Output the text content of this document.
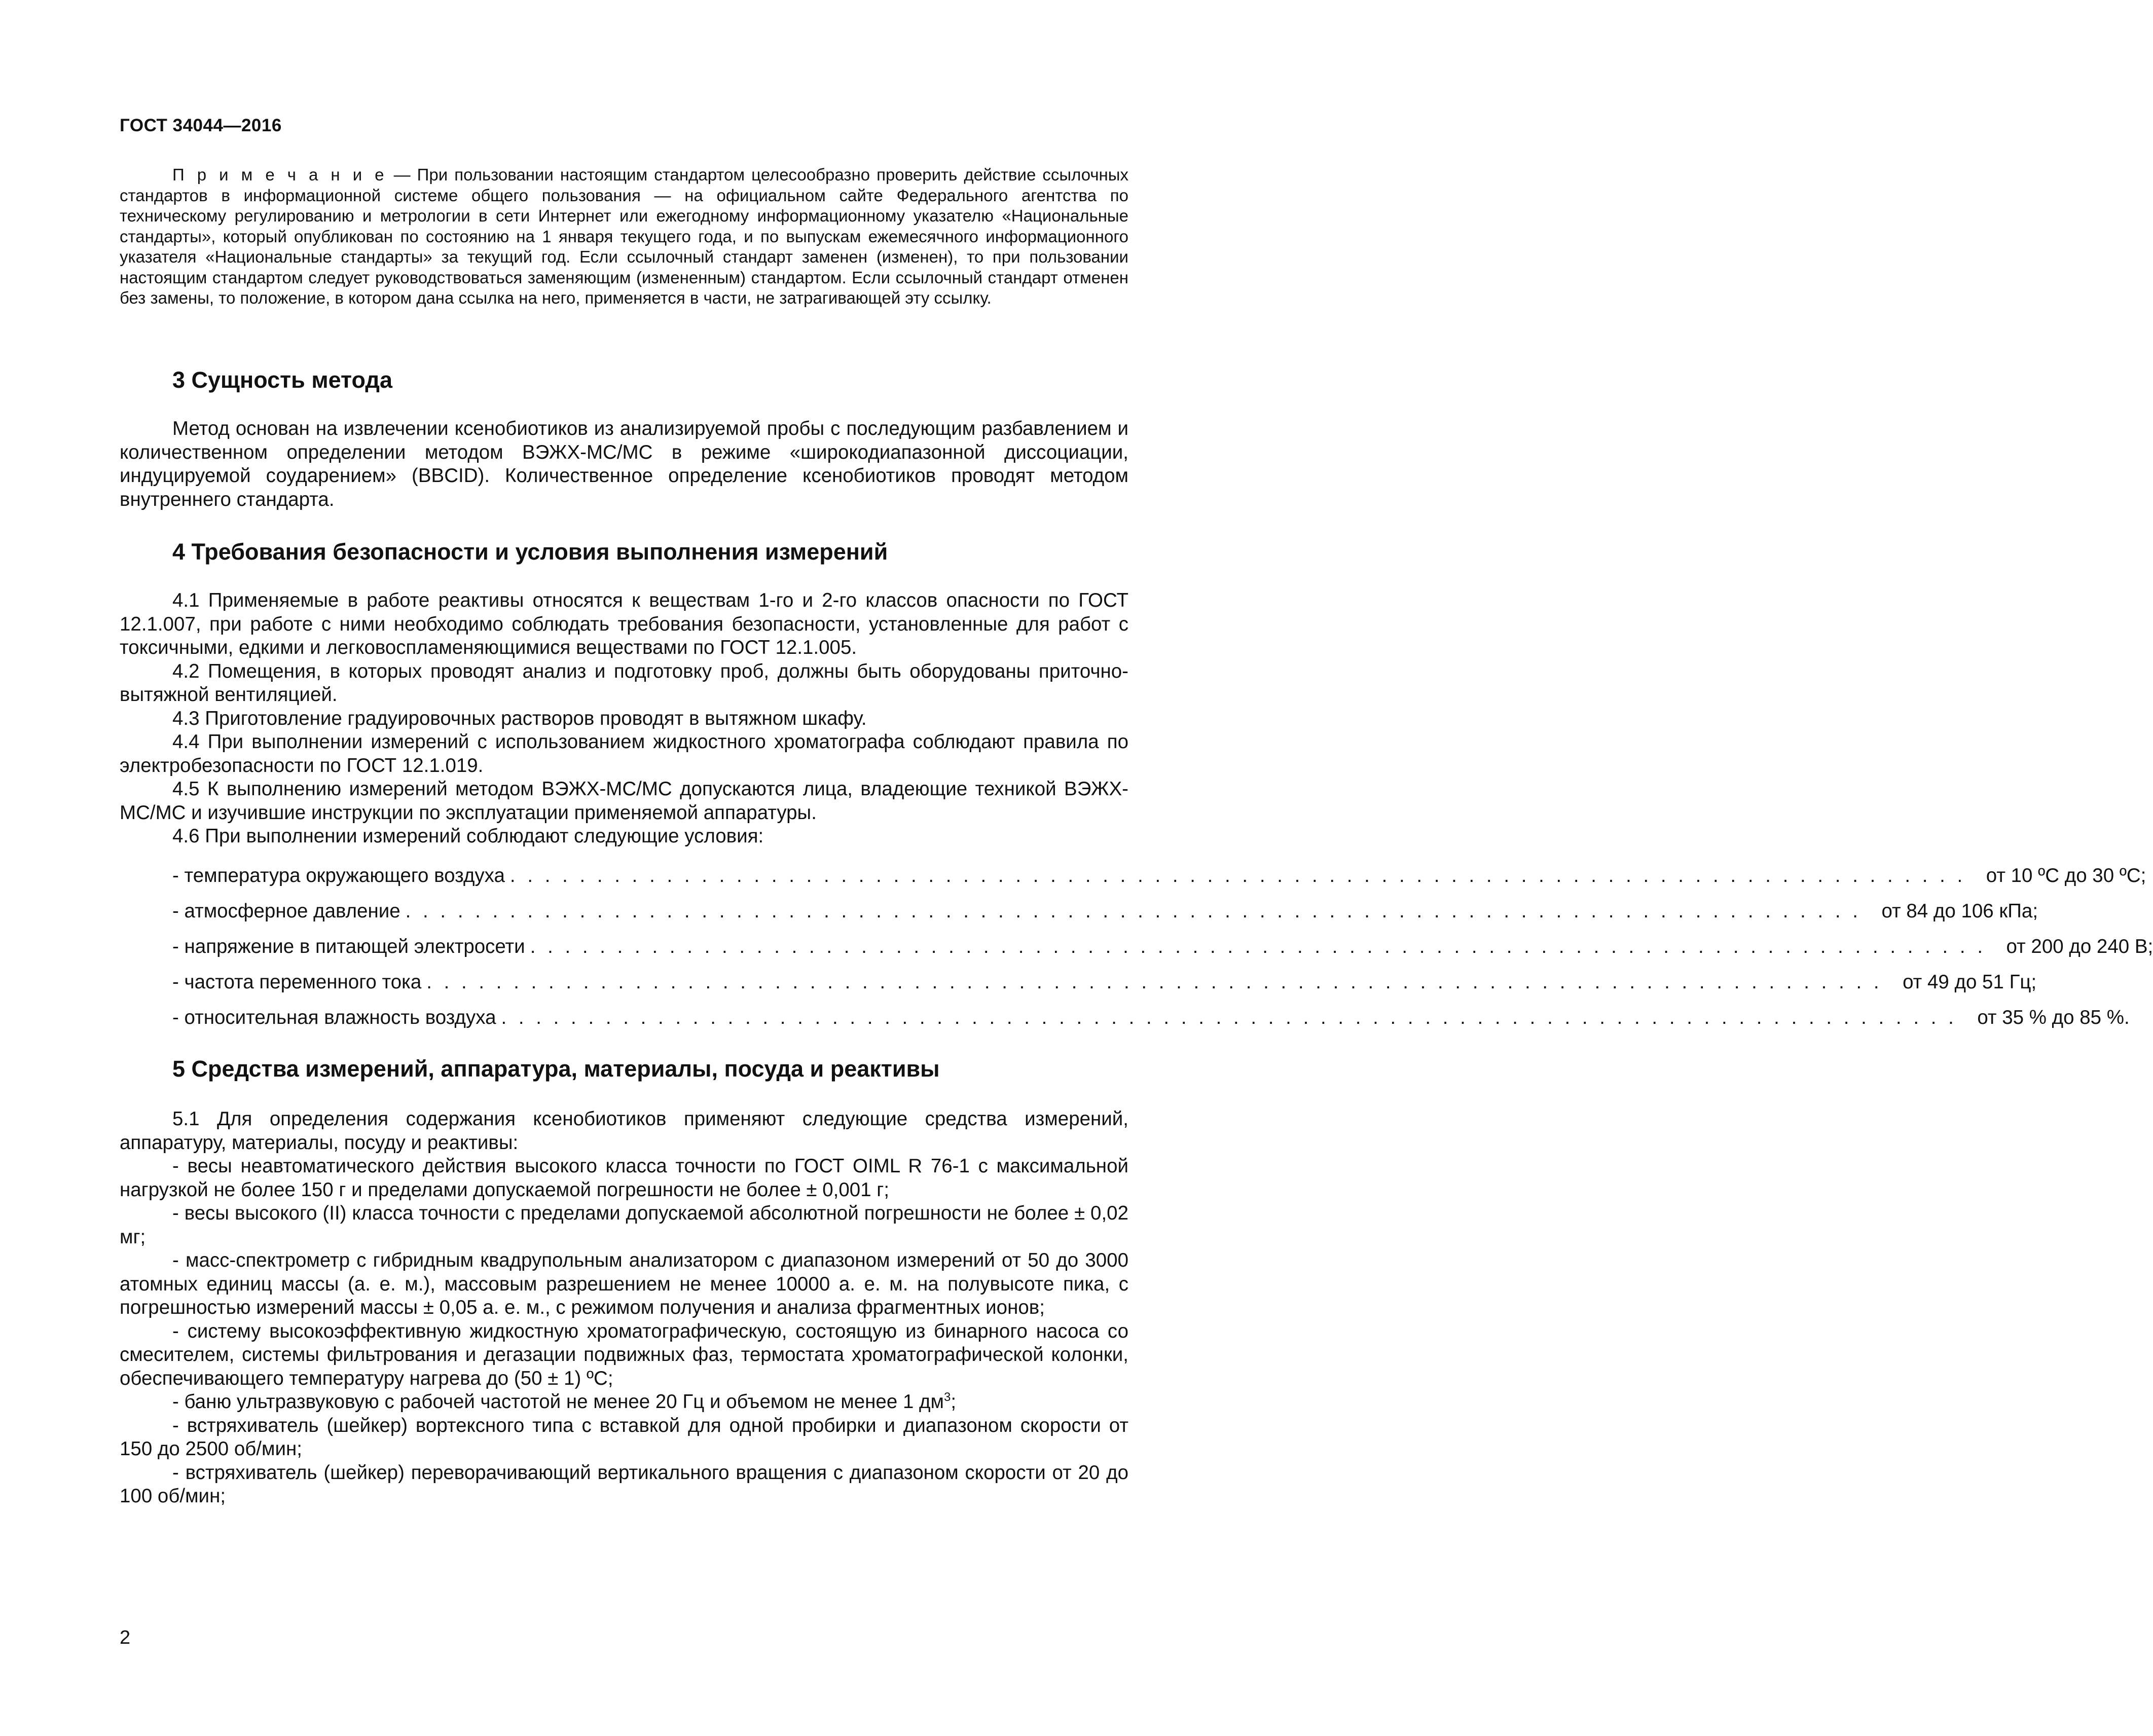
ГОСТ 34044—2016

П р и м е ч а н и е — При пользовании настоящим стандартом целесообразно проверить действие ссылочных стандартов в информационной системе общего пользования — на официальном сайте Федерального агентства по техническому регулированию и метрологии в сети Интернет или ежегодному информационному указателю «Национальные стандарты», который опубликован по состоянию на 1 января текущего года, и по выпускам ежемесячного информационного указателя «Национальные стандарты» за текущий год. Если ссылочный стандарт заменен (изменен), то при пользовании настоящим стандартом следует руководствоваться заменяющим (измененным) стандартом. Если ссылочный стандарт отменен без замены, то положение, в котором дана ссылка на него, применяется в части, не затрагивающей эту ссылку.

3 Сущность метода

Метод основан на извлечении ксенобиотиков из анализируемой пробы с последующим разбавлением и количественном определении методом ВЭЖХ-МС/МС в режиме «широкодиапазонной диссоциации, индуцируемой соударением» (BBCID). Количественное определение ксенобиотиков проводят методом внутреннего стандарта.

4 Требования безопасности и условия выполнения измерений

4.1 Применяемые в работе реактивы относятся к веществам 1-го и 2-го классов опасности по ГОСТ 12.1.007, при работе с ними необходимо соблюдать требования безопасности, установленные для работ с токсичными, едкими и легковоспламеняющимися веществами по ГОСТ 12.1.005.

4.2 Помещения, в которых проводят анализ и подготовку проб, должны быть оборудованы приточно-вытяжной вентиляцией.

4.3 Приготовление градуировочных растворов проводят в вытяжном шкафу.

4.4 При выполнении измерений с использованием жидкостного хроматографа соблюдают правила по электробезопасности по ГОСТ 12.1.019.

4.5 К выполнению измерений методом ВЭЖХ-МС/МС допускаются лица, владеющие техникой ВЭЖХ-МС/МС и изучившие инструкции по эксплуатации применяемой аппаратуры.

4.6 При выполнении измерений соблюдают следующие условия:

- температура окружающего воздуха . . . . . . . . . . . . . . . . . . . . . . . . . . . . . . . . . . . . . . . . . . . . . . . . . . . . . . . . . . . . . . . . . . . . . . . . . . . . . . . . . . . . от 10 ºC до 30 ºC;
- атмосферное давление . . . . . . . . . . . . . . . . . . . . . . . . . . . . . . . . . . . . . . . . . . . . . . . . . . . . . . . . . . . . . . . . . . . . . . . . . . . . . . . . . . . . от 84 до 106 кПа;
- напряжение в питающей электросети . . . . . . . . . . . . . . . . . . . . . . . . . . . . . . . . . . . . . . . . . . . . . . . . . . . . . . . . . . . . . . . . . . . . . . . . . . . . . . . . . . . . от 200 до 240 В;
- частота переменного тока . . . . . . . . . . . . . . . . . . . . . . . . . . . . . . . . . . . . . . . . . . . . . . . . . . . . . . . . . . . . . . . . . . . . . . . . . . . . . . . . . . . . от 49 до 51 Гц;
- относительная влажность воздуха . . . . . . . . . . . . . . . . . . . . . . . . . . . . . . . . . . . . . . . . . . . . . . . . . . . . . . . . . . . . . . . . . . . . . . . . . . . . . . . . . . . . от 35 % до 85 %.
5 Средства измерений, аппаратура, материалы, посуда и реактивы

5.1 Для определения содержания ксенобиотиков применяют следующие средства измерений, аппаратуру, материалы, посуду и реактивы:

- весы неавтоматического действия высокого класса точности по ГОСТ OIML R 76-1 с максимальной нагрузкой не более 150 г и пределами допускаемой погрешности не более ± 0,001 г;

- весы высокого (II) класса точности с пределами допускаемой абсолютной погрешности не более ± 0,02 мг;

- масс-спектрометр с гибридным квадрупольным анализатором с диапазоном измерений от 50 до 3000 атомных единиц массы (а. е. м.), массовым разрешением не менее 10000 а. е. м. на полувысоте пика, с погрешностью измерений массы ± 0,05 а. е. м., с режимом получения и анализа фрагментных ионов;

- систему высокоэффективную жидкостную хроматографическую, состоящую из бинарного насоса со смесителем, системы фильтрования и дегазации подвижных фаз, термостата хроматографической колонки, обеспечивающего температуру нагрева до (50 ± 1) ºC;

- баню ультразвуковую с рабочей частотой не менее 20 Гц и объемом не менее 1 $дм^3$;

- встряхиватель (шейкер) вортексного типа с вставкой для одной пробирки и диапазоном скорости от 150 до 2500 об/мин;

- встряхиватель (шейкер) переворачивающий вертикального вращения с диапазоном скорости от 20 до 100 об/мин;

2
